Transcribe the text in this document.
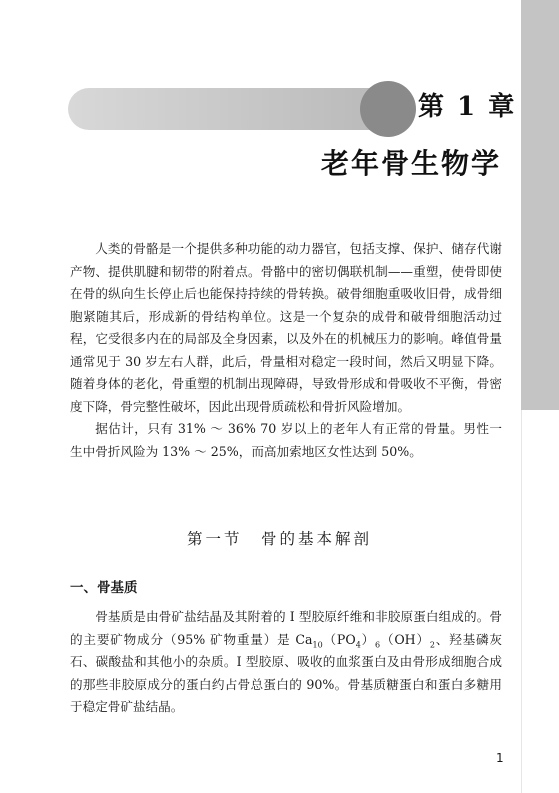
第 1 章
老年骨生物学

人类的骨骼是一个提供多种功能的动力器官，包括支撑、保护、储存代谢产物、提供肌腱和韧带的附着点。骨骼中的密切偶联机制——重塑，使骨即使在骨的纵向生长停止后也能保持持续的骨转换。破骨细胞重吸收旧骨，成骨细胞紧随其后，形成新的骨结构单位。这是一个复杂的成骨和破骨细胞活动过程，它受很多内在的局部及全身因素，以及外在的机械压力的影响。峰值骨量通常见于 30 岁左右人群，此后，骨量相对稳定一段时间，然后又明显下降。随着身体的老化，骨重塑的机制出现障碍，导致骨形成和骨吸收不平衡，骨密度下降，骨完整性破坏，因此出现骨质疏松和骨折风险增加。

据估计，只有 31% ～ 36% 70 岁以上的老年人有正常的骨量。男性一生中骨折风险为 13% ～ 25%，而高加索地区女性达到 50%。

第一节　骨的基本解剖
一、骨基质

骨基质是由骨矿盐结晶及其附着的 I 型胶原纤维和非胶原蛋白组成的。骨的主要矿物成分（95% 矿物重量）是 $Ca_{10}(PO_4)_6(OH)_2$、羟基磷灰石、碳酸盐和其他小的杂质。I 型胶原、吸收的血浆蛋白及由骨形成细胞合成的那些非胶原成分的蛋白约占骨总蛋白的 90%。骨基质糖蛋白和蛋白多糖用于稳定骨矿盐结晶。

1
